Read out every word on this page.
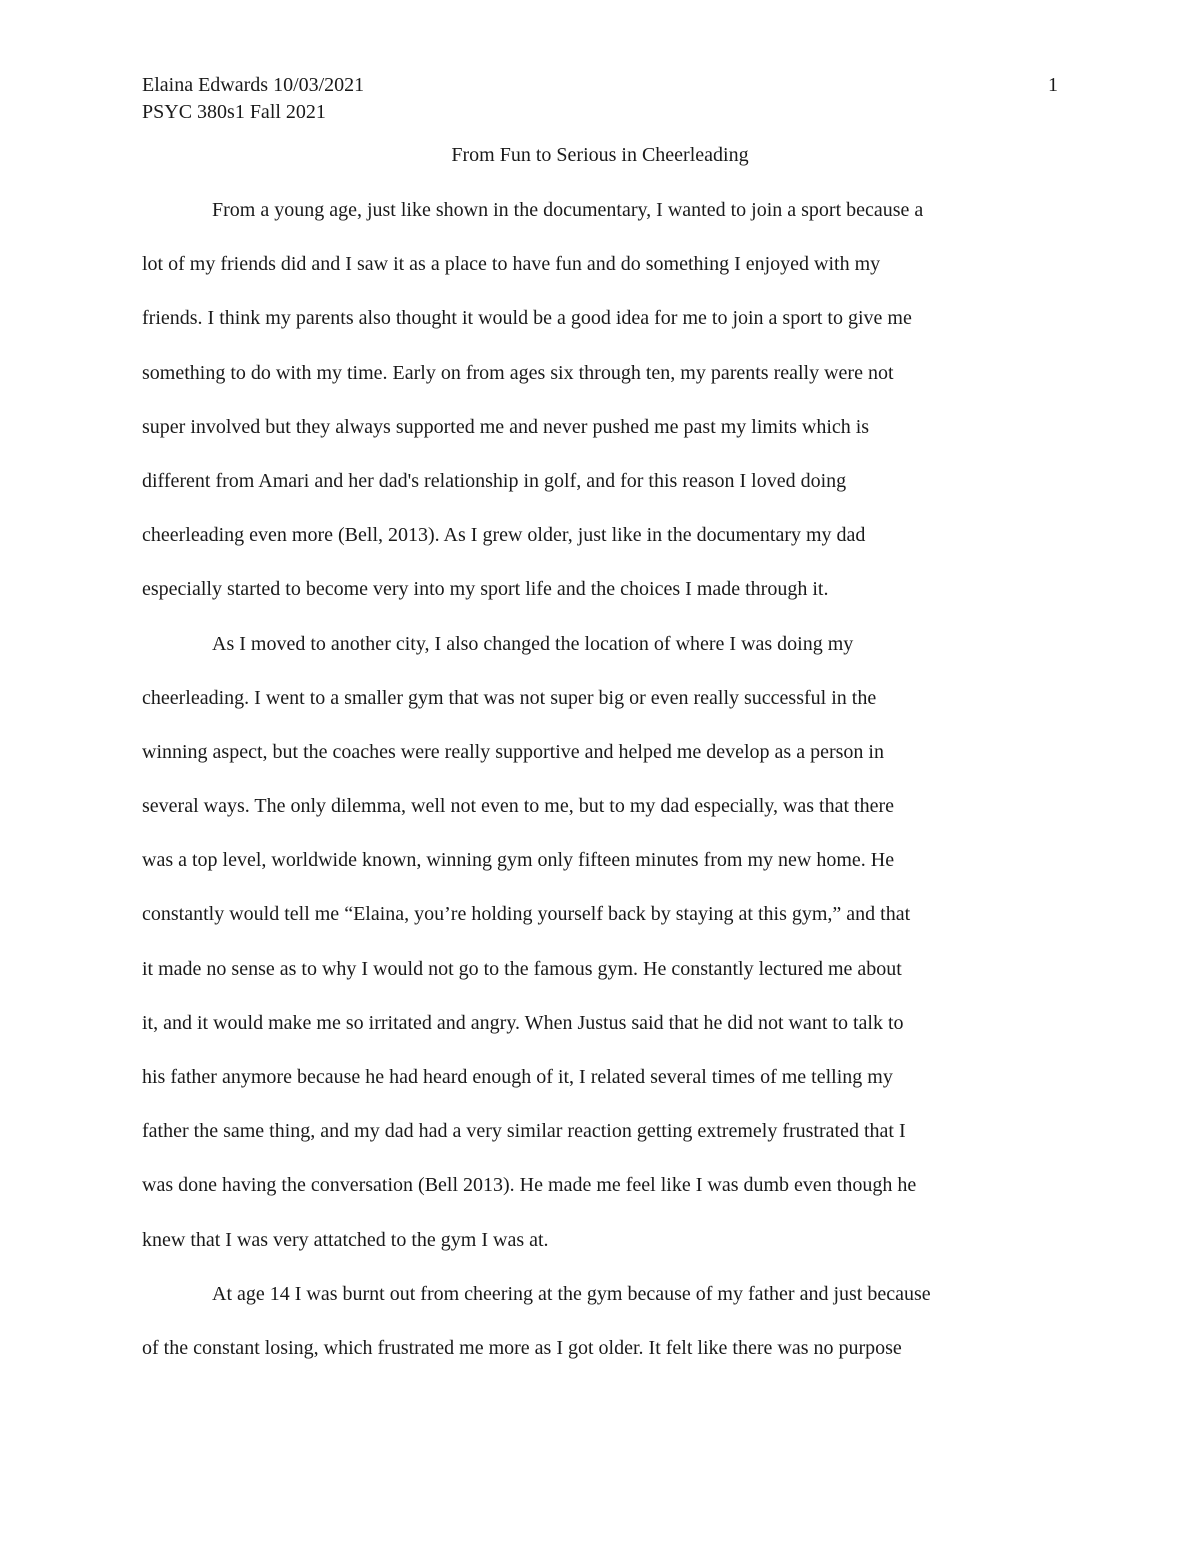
Elaina Edwards 10/03/2021
PSYC 380s1 Fall 2021
1
From Fun to Serious in Cheerleading
From a young age, just like shown in the documentary, I wanted to join a sport because a
lot of my friends did and I saw it as a place to have fun and do something I enjoyed with my
friends. I think my parents also thought it would be a good idea for me to join a sport to give me
something to do with my time. Early on from ages six through ten, my parents really were not
super involved but they always supported me and never pushed me past my limits which is
different from Amari and her dad's relationship in golf, and for this reason I loved doing
cheerleading even more (Bell, 2013). As I grew older, just like in the documentary my dad
especially started to become very into my sport life and the choices I made through it.
As I moved to another city, I also changed the location of where I was doing my
cheerleading. I went to a smaller gym that was not super big or even really successful in the
winning aspect, but the coaches were really supportive and helped me develop as a person in
several ways. The only dilemma, well not even to me, but to my dad especially, was that there
was a top level, worldwide known, winning gym only fifteen minutes from my new home. He
constantly would tell me “Elaina, you’re holding yourself back by staying at this gym,” and that
it made no sense as to why I would not go to the famous gym. He constantly lectured me about
it, and it would make me so irritated and angry. When Justus said that he did not want to talk to
his father anymore because he had heard enough of it, I related several times of me telling my
father the same thing, and my dad had a very similar reaction getting extremely frustrated that I
was done having the conversation (Bell 2013). He made me feel like I was dumb even though he
knew that I was very attatched to the gym I was at.
At age 14 I was burnt out from cheering at the gym because of my father and just because
of the constant losing, which frustrated me more as I got older. It felt like there was no purpose
